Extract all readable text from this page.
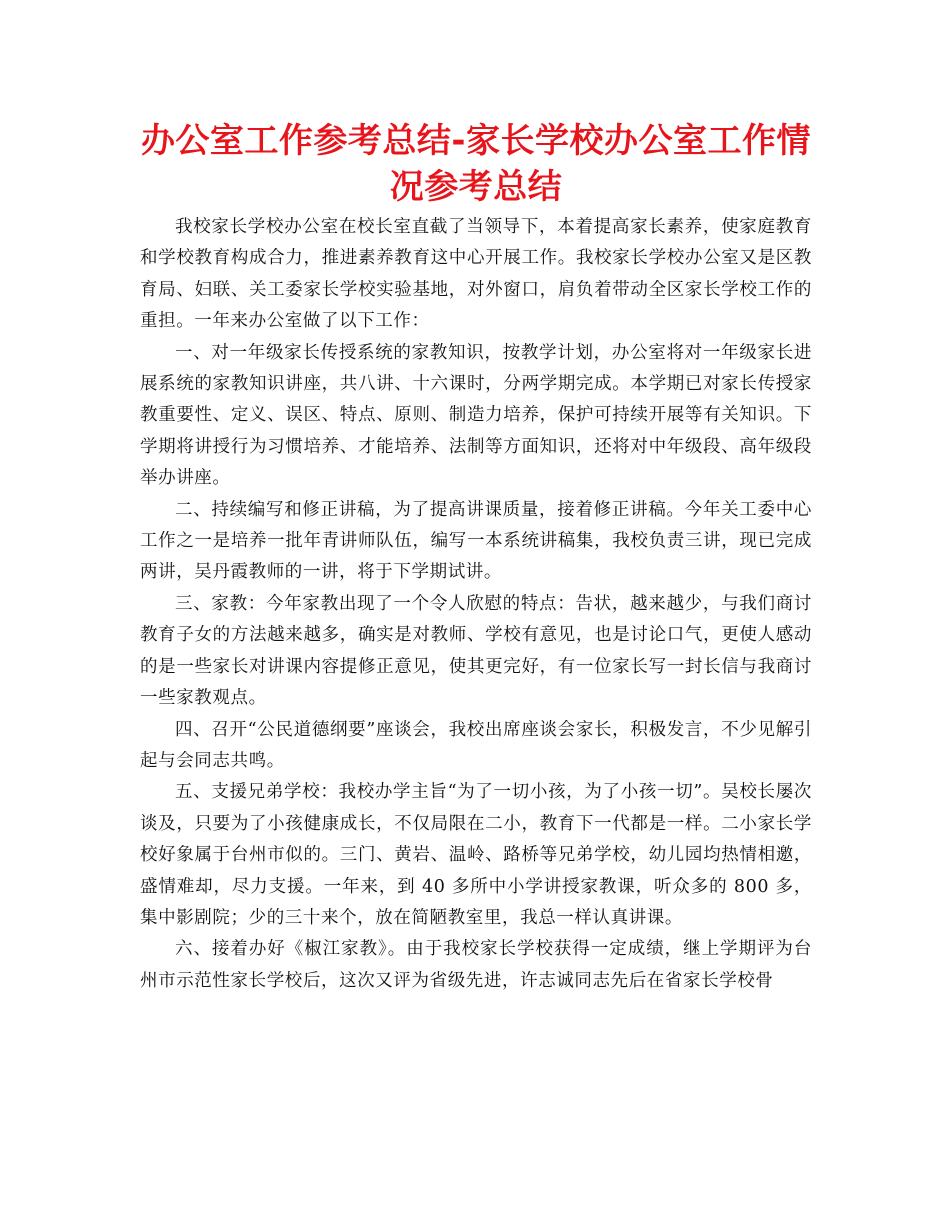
办公室工作参考总结-家长学校办公室工作情况参考总结

我校家长学校办公室在校长室直截了当领导下，本着提高家长素养，使家庭教育和学校教育构成合力，推进素养教育这中心开展工作。我校家长学校办公室又是区教育局、妇联、关工委家长学校实验基地，对外窗口，肩负着带动全区家长学校工作的重担。一年来办公室做了以下工作：

一、对一年级家长传授系统的家教知识，按教学计划，办公室将对一年级家长进展系统的家教知识讲座，共八讲、十六课时，分两学期完成。本学期已对家长传授家教重要性、定义、误区、特点、原则、制造力培养，保护可持续开展等有关知识。下学期将讲授行为习惯培养、才能培养、法制等方面知识，还将对中年级段、高年级段举办讲座。

二、持续编写和修正讲稿，为了提高讲课质量，接着修正讲稿。今年关工委中心工作之一是培养一批年青讲师队伍，编写一本系统讲稿集，我校负责三讲，现已完成两讲，吴丹霞教师的一讲，将于下学期试讲。

三、家教：今年家教出现了一个令人欣慰的特点：告状，越来越少，与我们商讨教育子女的方法越来越多，确实是对教师、学校有意见，也是讨论口气，更使人感动的是一些家长对讲课内容提修正意见，使其更完好，有一位家长写一封长信与我商讨一些家教观点。

四、召开“公民道德纲要”座谈会，我校出席座谈会家长，积极发言，不少见解引起与会同志共鸣。

五、支援兄弟学校：我校办学主旨“为了一切小孩，为了小孩一切”。吴校长屡次谈及，只要为了小孩健康成长，不仅局限在二小，教育下一代都是一样。二小家长学校好象属于台州市似的。三门、黄岩、温岭、路桥等兄弟学校，幼儿园均热情相邀，盛情难却，尽力支援。一年来，到 40 多所中小学讲授家教课，听众多的 800 多，集中影剧院；少的三十来个，放在简陋教室里，我总一样认真讲课。

六、接着办好《椒江家教》。由于我校家长学校获得一定成绩，继上学期评为台州市示范性家长学校后，这次又评为省级先进，许志诚同志先后在省家长学校骨
